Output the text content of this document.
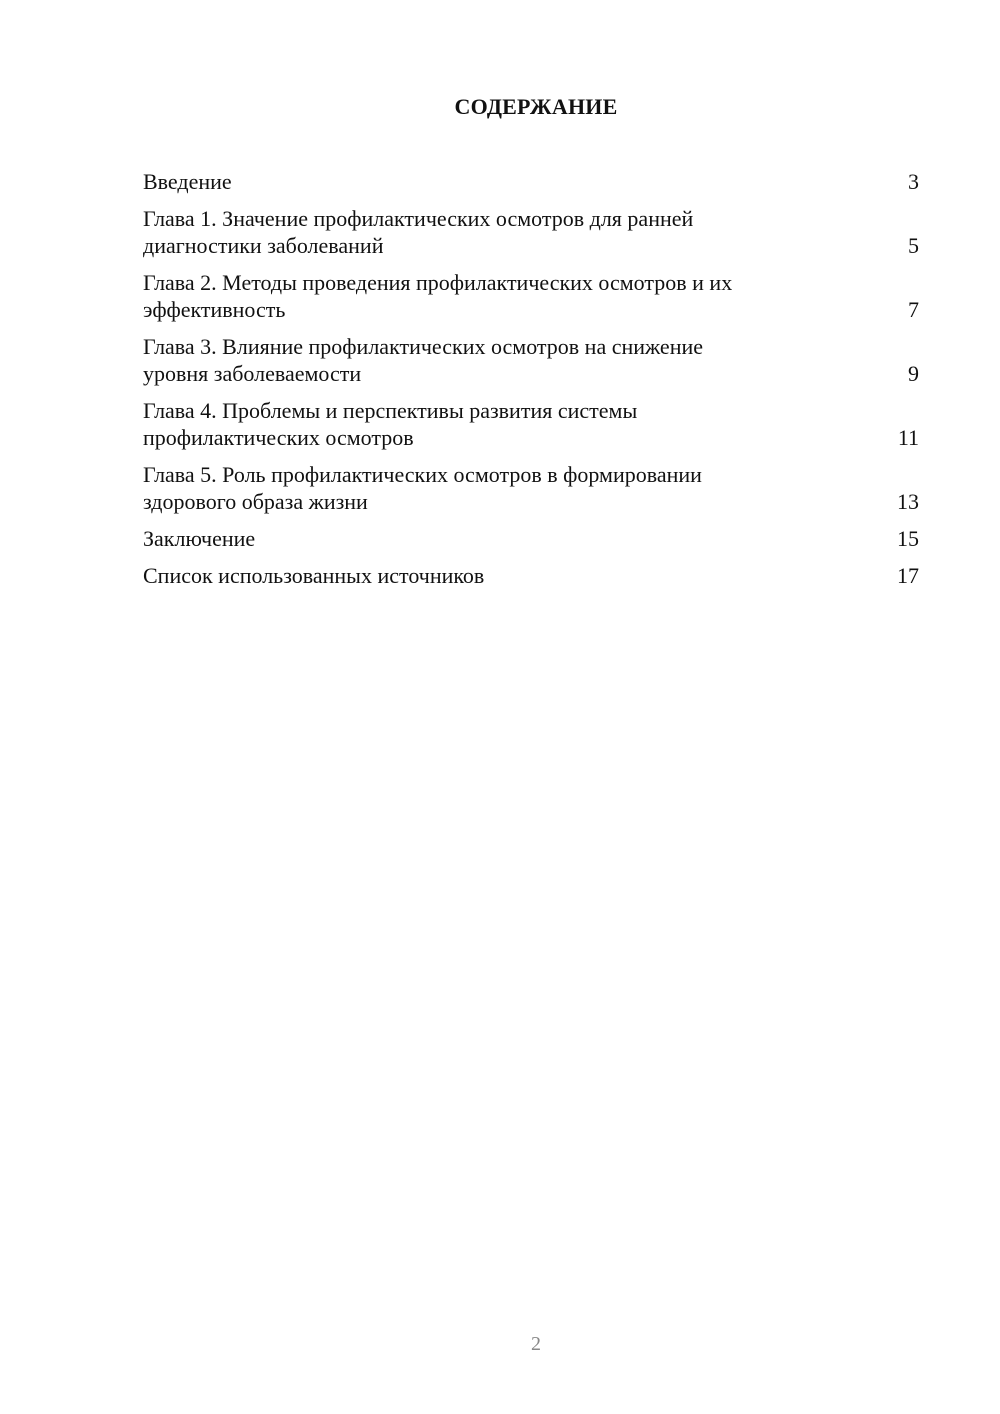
СОДЕРЖАНИЕ
Введение	3
Глава 1. Значение профилактических осмотров для ранней
диагностики заболеваний	5
Глава 2. Методы проведения профилактических осмотров и их
эффективность	7
Глава 3. Влияние профилактических осмотров на снижение
уровня заболеваемости	9
Глава 4. Проблемы и перспективы развития системы
профилактических осмотров	11
Глава 5. Роль профилактических осмотров в формировании
здорового образа жизни	13
Заключение	15
Список использованных источников	17
2
